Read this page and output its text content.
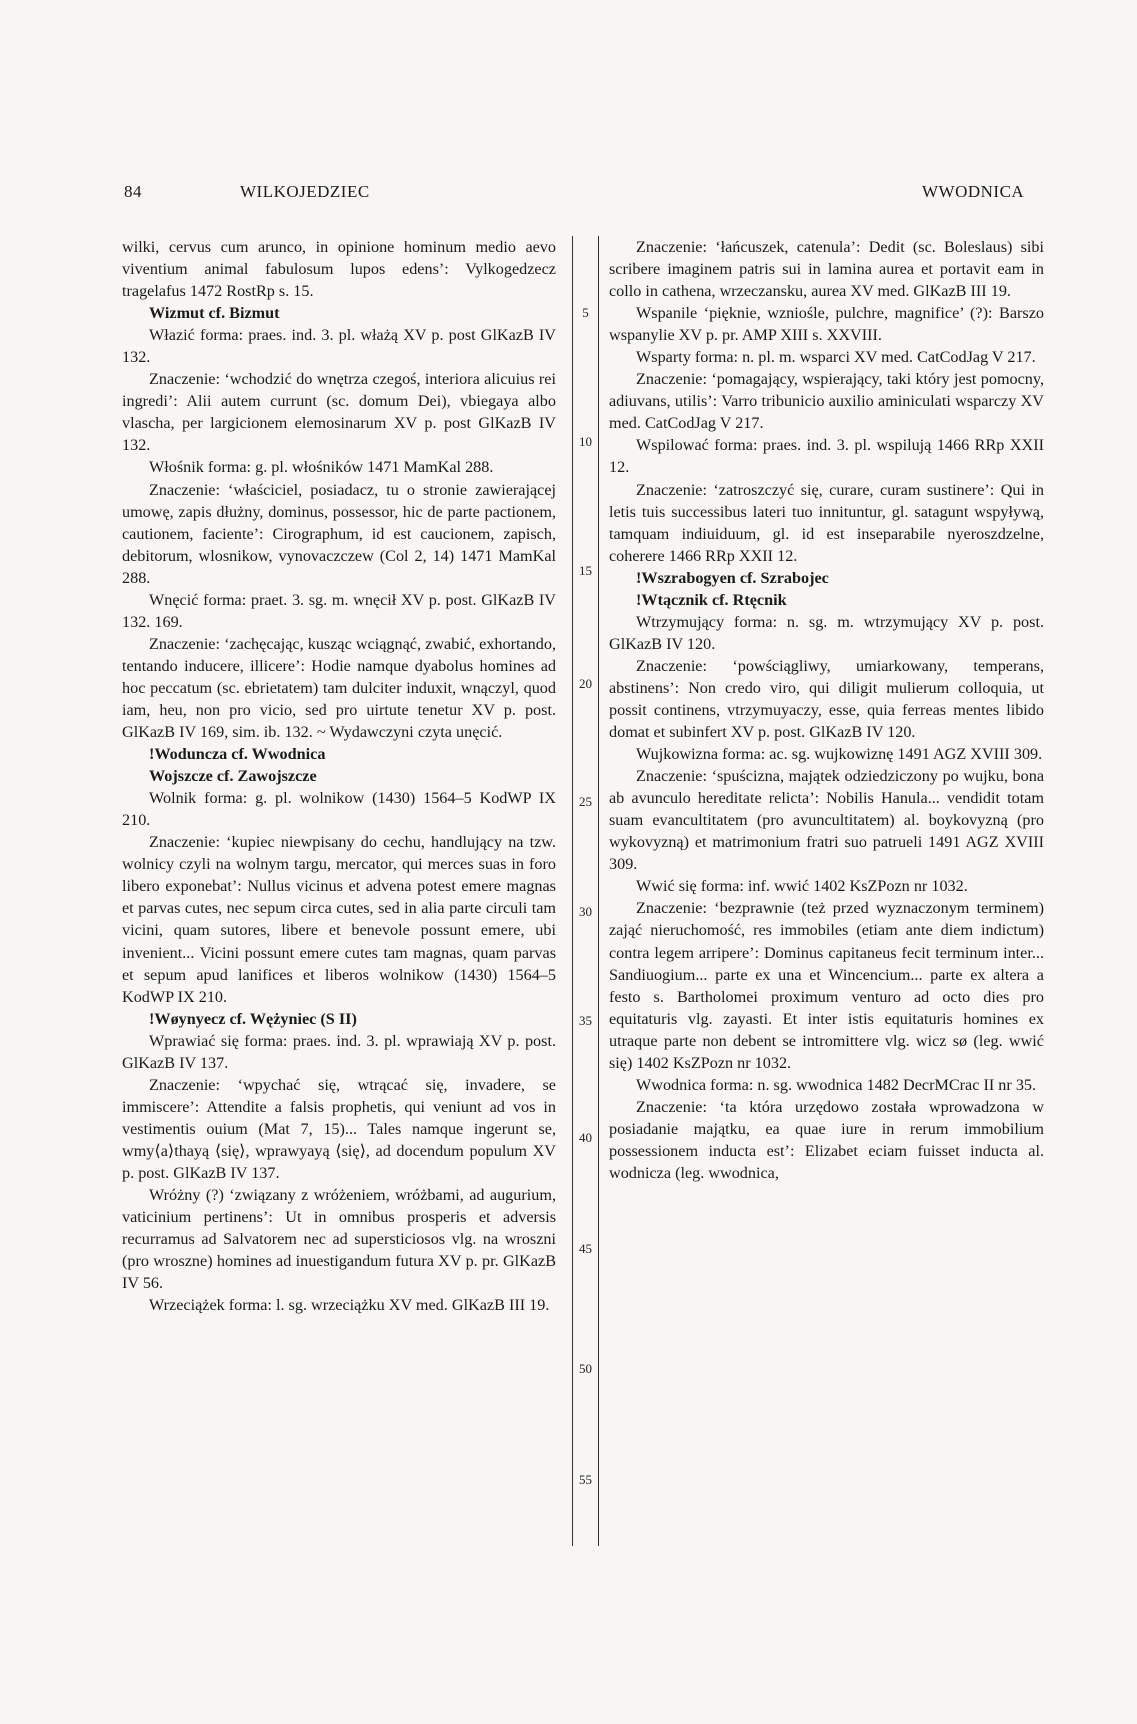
84	WILKOJEDZIEC	WWODNICA

wilki, cervus cum arunco, in opinione hominum medio aevo viventium animal fabulosum lupos edens’: Vylkogedzecz tragelafus 1472 RostRp s. 15.

Wizmut cf. Bizmut

Włazić forma: praes. ind. 3. pl. włażą XV p. post GlKazB IV 132.

Znaczenie: ‘wchodzić do wnętrza czegoś, interiora alicuius rei ingredi’: Alii autem currunt (sc. domum Dei), vbiegaya albo vlascha, per largicionem elemosinarum XV p. post GlKazB IV 132.

Włośnik forma: g. pl. włośników 1471 MamKal 288.

Znaczenie: ‘właściciel, posiadacz, tu o stronie zawierającej umowę, zapis dłużny, dominus, possessor, hic de parte pactionem, cautionem, faciente’: Cirographum, id est caucionem, zapisch, debitorum, wlosnikow, vynovaczczew (Col 2, 14) 1471 MamKal 288.

Wnęcić forma: praet. 3. sg. m. wnęcił XV p. post. GlKazB IV 132. 169.

Znaczenie: ‘zachęcając, kusząc wciągnąć, zwabić, exhortando, tentando inducere, illicere’: Hodie namque dyabolus homines ad hoc peccatum (sc. ebrietatem) tam dulciter induxit, wnączyl, quod iam, heu, non pro vicio, sed pro uirtute tenetur XV p. post. GlKazB IV 169, sim. ib. 132. ~ Wydawczyni czyta unęcić.

!Woduncza cf. Wwodnica

Wojszcze cf. Zawojszcze

Wolnik forma: g. pl. wolnikow (1430) 1564–5 KodWP IX 210.

Znaczenie: ‘kupiec niewpisany do cechu, handlujący na tzw. wolnicy czyli na wolnym targu, mercator, qui merces suas in foro libero exponebat’: Nullus vicinus et advena potest emere magnas et parvas cutes, nec sepum circa cutes, sed in alia parte circuli tam vicini, quam sutores, libere et benevole possunt emere, ubi invenient... Vicini possunt emere cutes tam magnas, quam parvas et sepum apud lanifices et liberos wolnikow (1430) 1564–5 KodWP IX 210.

!Wøynyecz cf. Wężyniec (S II)

Wprawiać się forma: praes. ind. 3. pl. wprawiają XV p. post. GlKazB IV 137.

Znaczenie: ‘wpychać się, wtrącać się, invadere, se immiscere’: Attendite a falsis prophetis, qui veniunt ad vos in vestimentis ouium (Mat 7, 15)... Tales namque ingerunt se, wmy⟨a⟩thayą ⟨się⟩, wprawyayą ⟨się⟩, ad docendum populum XV p. post. GlKazB IV 137.

Wróżny (?) ‘związany z wróżeniem, wróżbami, ad augurium, vaticinium pertinens’: Ut in omnibus prosperis et adversis recurramus ad Salvatorem nec ad supersticiosos vlg. na wroszni (pro wroszne) homines ad inuestigandum futura XV p. pr. GlKazB IV 56.

Wrzeciążek forma: l. sg. wrzeciążku XV med. GlKazB III 19.

5
10
15
20
25
30
35
40
45
50
55

Znaczenie: ‘łańcuszek, catenula’: Dedit (sc. Boleslaus) sibi scribere imaginem patris sui in lamina aurea et portavit eam in collo in cathena, wrzeczansku, aurea XV med. GlKazB III 19.

Wspanile ‘pięknie, wzniośle, pulchre, magnifice’ (?): Barszo wspanylie XV p. pr. AMP XIII s. XXVIII.

Wsparty forma: n. pl. m. wsparci XV med. CatCodJag V 217.

Znaczenie: ‘pomagający, wspierający, taki który jest pomocny, adiuvans, utilis’: Varro tribunicio auxilio aminiculati wsparczy XV med. CatCodJag V 217.

Wspilować forma: praes. ind. 3. pl. wspilują 1466 RRp XXII 12.

Znaczenie: ‘zatroszczyć się, curare, curam sustinere’: Qui in letis tuis successibus lateri tuo innituntur, gl. satagunt wspyływą, tamquam indiuiduum, gl. id est inseparabile nyeroszdzelne, coherere 1466 RRp XXII 12.

!Wszrabogyen cf. Szrabojec

!Wtącznik cf. Rtęcnik

Wtrzymujący forma: n. sg. m. wtrzymujący XV p. post. GlKazB IV 120.

Znaczenie: ‘powściągliwy, umiarkowany, temperans, abstinens’: Non credo viro, qui diligit mulierum colloquia, ut possit continens, vtrzymuyaczy, esse, quia ferreas mentes libido domat et subinfert XV p. post. GlKazB IV 120.

Wujkowizna forma: ac. sg. wujkowiznę 1491 AGZ XVIII 309.

Znaczenie: ‘spuścizna, majątek odziedziczony po wujku, bona ab avunculo hereditate relicta’: Nobilis Hanula... vendidit totam suam evancultitatem (pro avuncultitatem) al. boykovyzną (pro wykovyzną) et matrimonium fratri suo patrueli 1491 AGZ XVIII 309.

Wwić się forma: inf. wwić 1402 KsZPozn nr 1032.

Znaczenie: ‘bezprawnie (też przed wyznaczonym terminem) zająć nieruchomość, res immobiles (etiam ante diem indictum) contra legem arripere’: Dominus capitaneus fecit terminum inter... Sandiuogium... parte ex una et Wincencium... parte ex altera a festo s. Bartholomei proximum venturo ad octo dies pro equitaturis vlg. zayasti. Et inter istis equitaturis homines ex utraque parte non debent se intromittere vlg. wicz sø (leg. wwić się) 1402 KsZPozn nr 1032.

Wwodnica forma: n. sg. wwodnica 1482 DecrMCrac II nr 35.

Znaczenie: ‘ta która urzędowo została wprowadzona w posiadanie majątku, ea quae iure in rerum immobilium possessionem inducta est’: Elizabet eciam fuisset inducta al. wodnicza (leg. wwodnica,
